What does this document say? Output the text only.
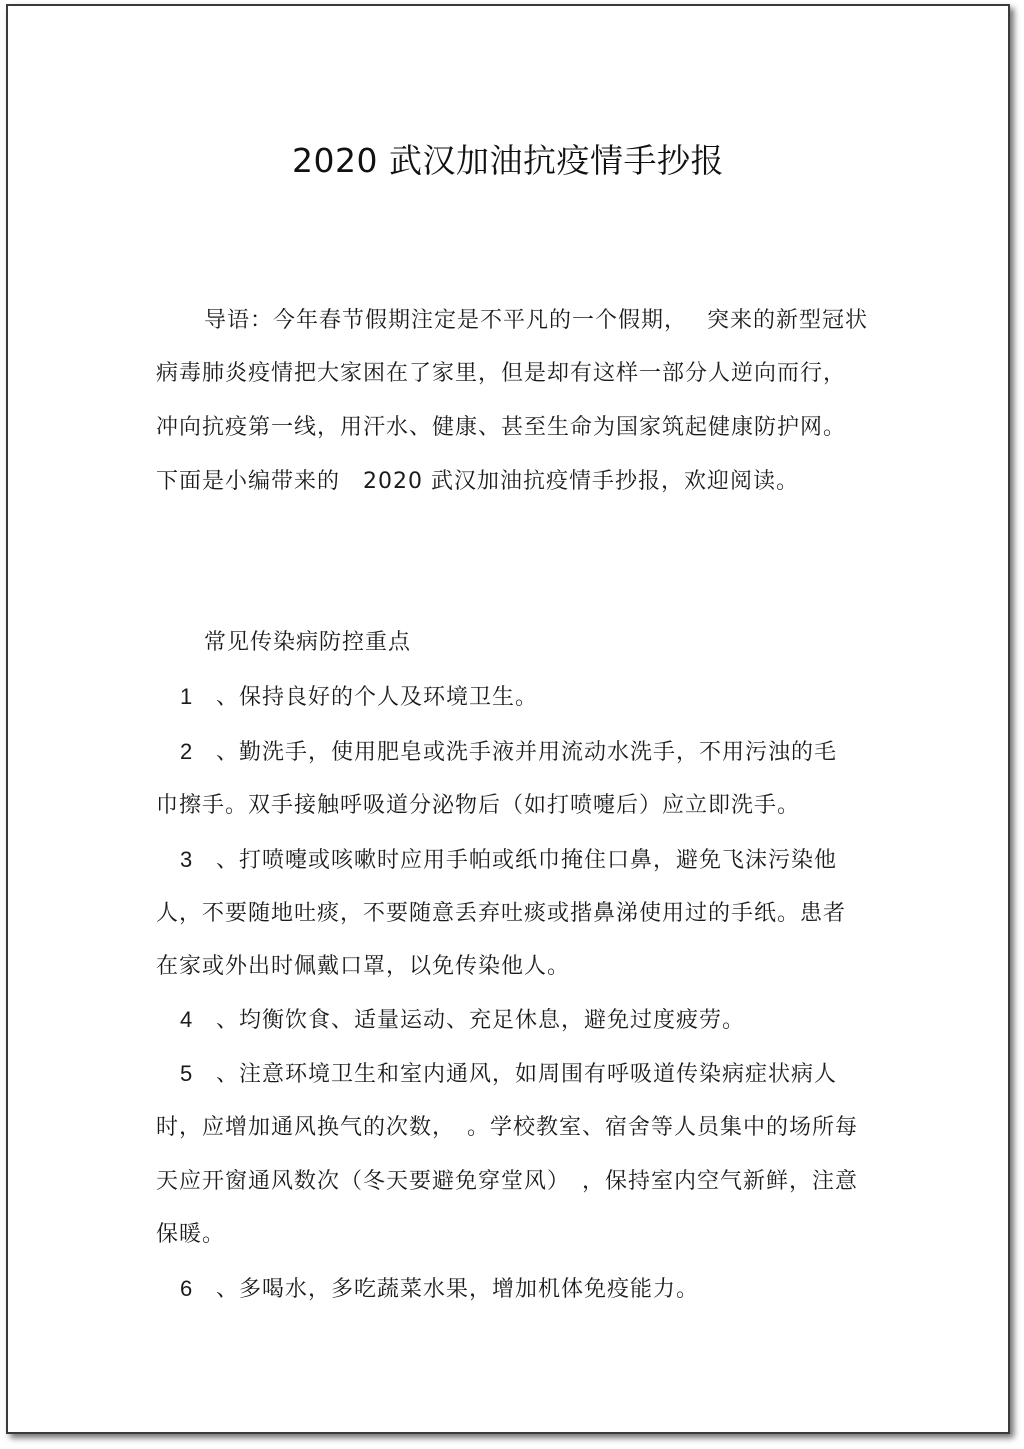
2020 武汉加油抗疫情手抄报
导语：今年春节假期注定是不平凡的一个假期，　 突来的新型冠状
病毒肺炎疫情把大家困在了家里，但是却有这样一部分人逆向而行，
冲向抗疫第一线，用汗水、健康、甚至生命为国家筑起健康防护网。
下面是小编带来的　2020 武汉加油抗疫情手抄报，欢迎阅读。
常见传染病防控重点
1 、保持良好的个人及环境卫生。
2 、勤洗手，使用肥皂或洗手液并用流动水洗手，不用污浊的毛
巾擦手。双手接触呼吸道分泌物后（如打喷嚏后）应立即洗手。
3 、打喷嚏或咳嗽时应用手帕或纸巾掩住口鼻，避免飞沫污染他
人，不要随地吐痰，不要随意丢弃吐痰或揩鼻涕使用过的手纸。患者
在家或外出时佩戴口罩，以免传染他人。
4 、均衡饮食、适量运动、充足休息，避免过度疲劳。
5 、注意环境卫生和室内通风，如周围有呼吸道传染病症状病人
时，应增加通风换气的次数，　。学校教室、宿舍等人员集中的场所每
天应开窗通风数次（冬天要避免穿堂风）　，保持室内空气新鲜，注意
保暖。
6 、多喝水，多吃蔬菜水果，增加机体免疫能力。
